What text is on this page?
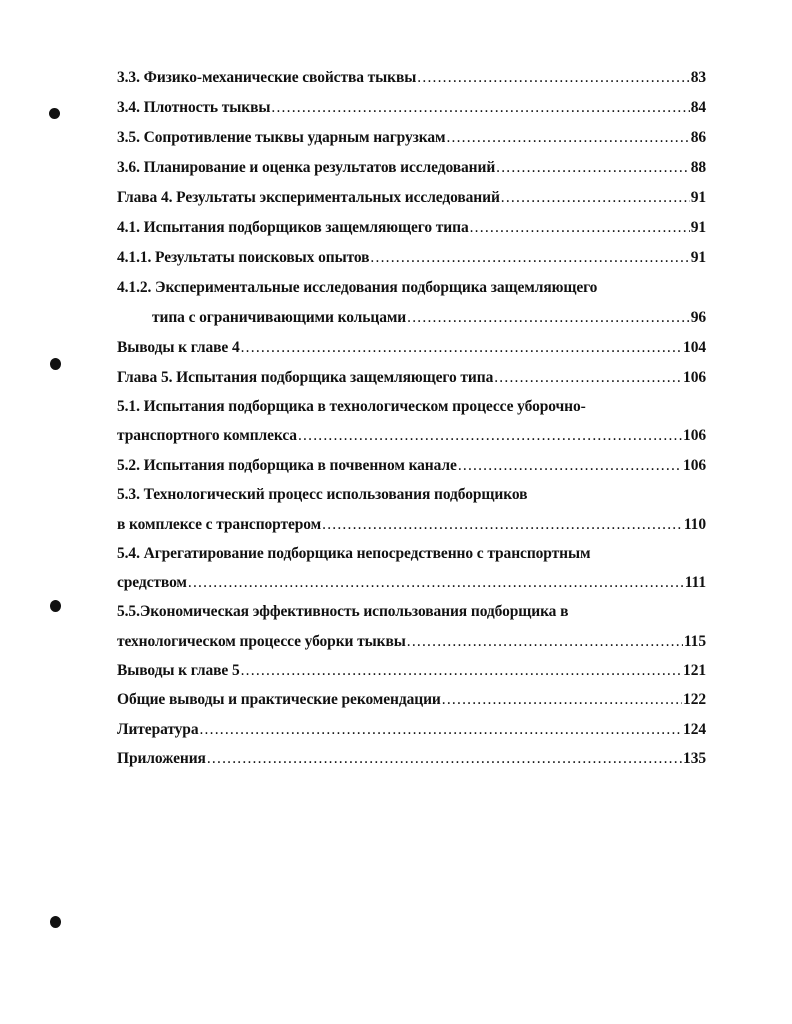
3.3. Физико-механические свойства тыквы .....	83
3.4. Плотность тыквы .....	84
3.5. Сопротивление тыквы ударным нагрузкам .....	86
3.6. Планирование и оценка результатов исследований .....	88
Глава 4. Результаты экспериментальных исследований .....	91
4.1. Испытания подборщиков защемляющего типа .....	91
4.1.1. Результаты поисковых опытов .....	91
4.1.2. Экспериментальные исследования подборщика защемляющего
типа с ограничивающими кольцами .....	96
Выводы к главе 4 .....	104
Глава 5. Испытания подборщика защемляющего типа .....	106
5.1. Испытания подборщика в технологическом процессе уборочно-
транспортного комплекса .....	106
5.2. Испытания подборщика в почвенном канале .....	106
5.3. Технологический процесс использования подборщиков
в комплексе с транспортером .....	110
5.4. Агрегатирование подборщика непосредственно с транспортным
средством .....	111
5.5.Экономическая эффективность использования подборщика в
технологическом процессе уборки тыквы .....	115
Выводы к главе 5 .....	121
Общие выводы и практические рекомендации .....	122
Литература .....	124
Приложения .....	135
